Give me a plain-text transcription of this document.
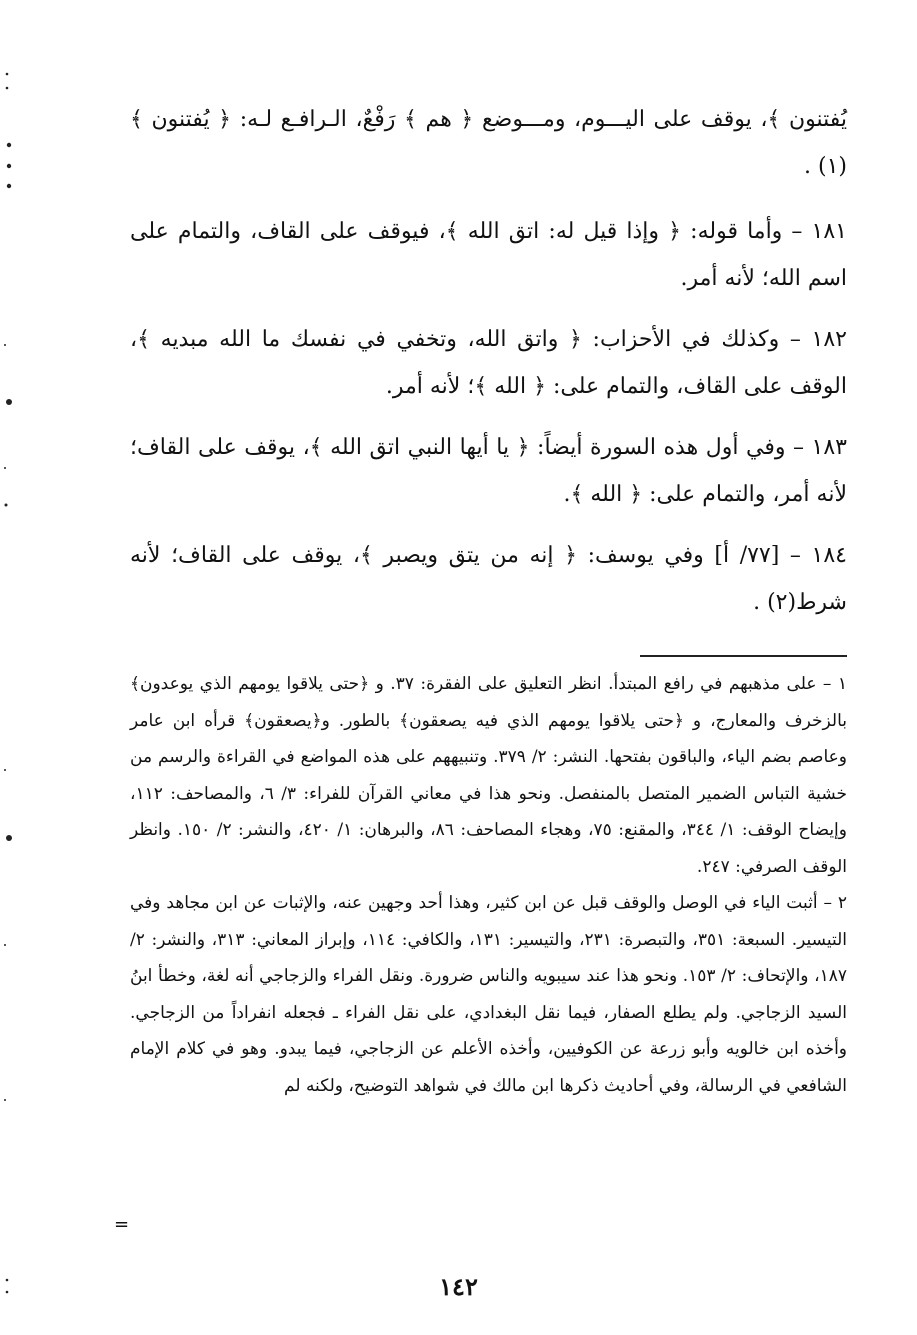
يُفتنون ﴾، يوقف على اليـــوم، ومـــوضع ﴿ هم ﴾ رَفْعٌ، الـرافـع لـه: ﴿ يُفتنون ﴾ (١) .

١٨١ – وأما قوله: ﴿ وإذا قيل له: اتق الله ﴾، فيوقف على القاف، والتمام على اسم الله؛ لأنه أمر.

١٨٢ – وكذلك في الأحزاب: ﴿ واتق الله، وتخفي في نفسك ما الله مبديه ﴾، الوقف على القاف، والتمام على: ﴿ الله ﴾؛ لأنه أمر.

١٨٣ – وفي أول هذه السورة أيضاً: ﴿ يا أيها النبي اتق الله ﴾، يوقف على القاف؛ لأنه أمر، والتمام على: ﴿ الله ﴾.

١٨٤ – [٧٧/ أ] وفي يوسف: ﴿ إنه من يتق ويصبر ﴾، يوقف على القاف؛ لأنه شرط(٢) .

١ – على مذهبهم في رافع المبتدأ. انظر التعليق على الفقرة: ٣٧. و ﴿حتى يلاقوا يومهم الذي يوعدون﴾ بالزخرف والمعارج، و ﴿حتى يلاقوا يومهم الذي فيه يصعقون﴾ بالطور. و﴿يصعقون﴾ قرأه ابن عامر وعاصم بضم الياء، والباقون بفتحها. النشر: ٢/ ٣٧٩. وتنبيههم على هذه المواضع في القراءة والرسم من خشية التباس الضمير المتصل بالمنفصل. ونحو هذا في معاني القرآن للفراء: ٣/ ٦، والمصاحف: ١١٢، وإيضاح الوقف: ١/ ٣٤٤، والمقنع: ٧٥، وهجاء المصاحف: ٨٦، والبرهان: ١/ ٤٢٠، والنشر: ٢/ ١٥٠. وانظر الوقف الصرفي: ٢٤٧.

٢ – أثبت الياء في الوصل والوقف قبل عن ابن كثير، وهذا أحد وجهين عنه، والإثبات عن ابن مجاهد وفي التيسير. السبعة: ٣٥١، والتبصرة: ٢٣١، والتيسير: ١٣١، والكافي: ١١٤، وإبراز المعاني: ٣١٣، والنشر: ٢/ ١٨٧، والإتحاف: ٢/ ١٥٣. ونحو هذا عند سيبويه والناس ضرورة. ونقل الفراء والزجاجي أنه لغة، وخطأ ابنُ السيد الزجاجي. ولم يطلع الصفار، فيما نقل البغدادي، على نقل الفراء ـ فجعله انفراداً من الزجاجي. وأخذه ابن خالويه وأبو زرعة عن الكوفيين، وأخذه الأعلم عن الزجاجي، فيما يبدو. وهو في كلام الإمام الشافعي في الرسالة، وفي أحاديث ذكرها ابن مالك في شواهد التوضيح، ولكنه لم

=
١٤٢
